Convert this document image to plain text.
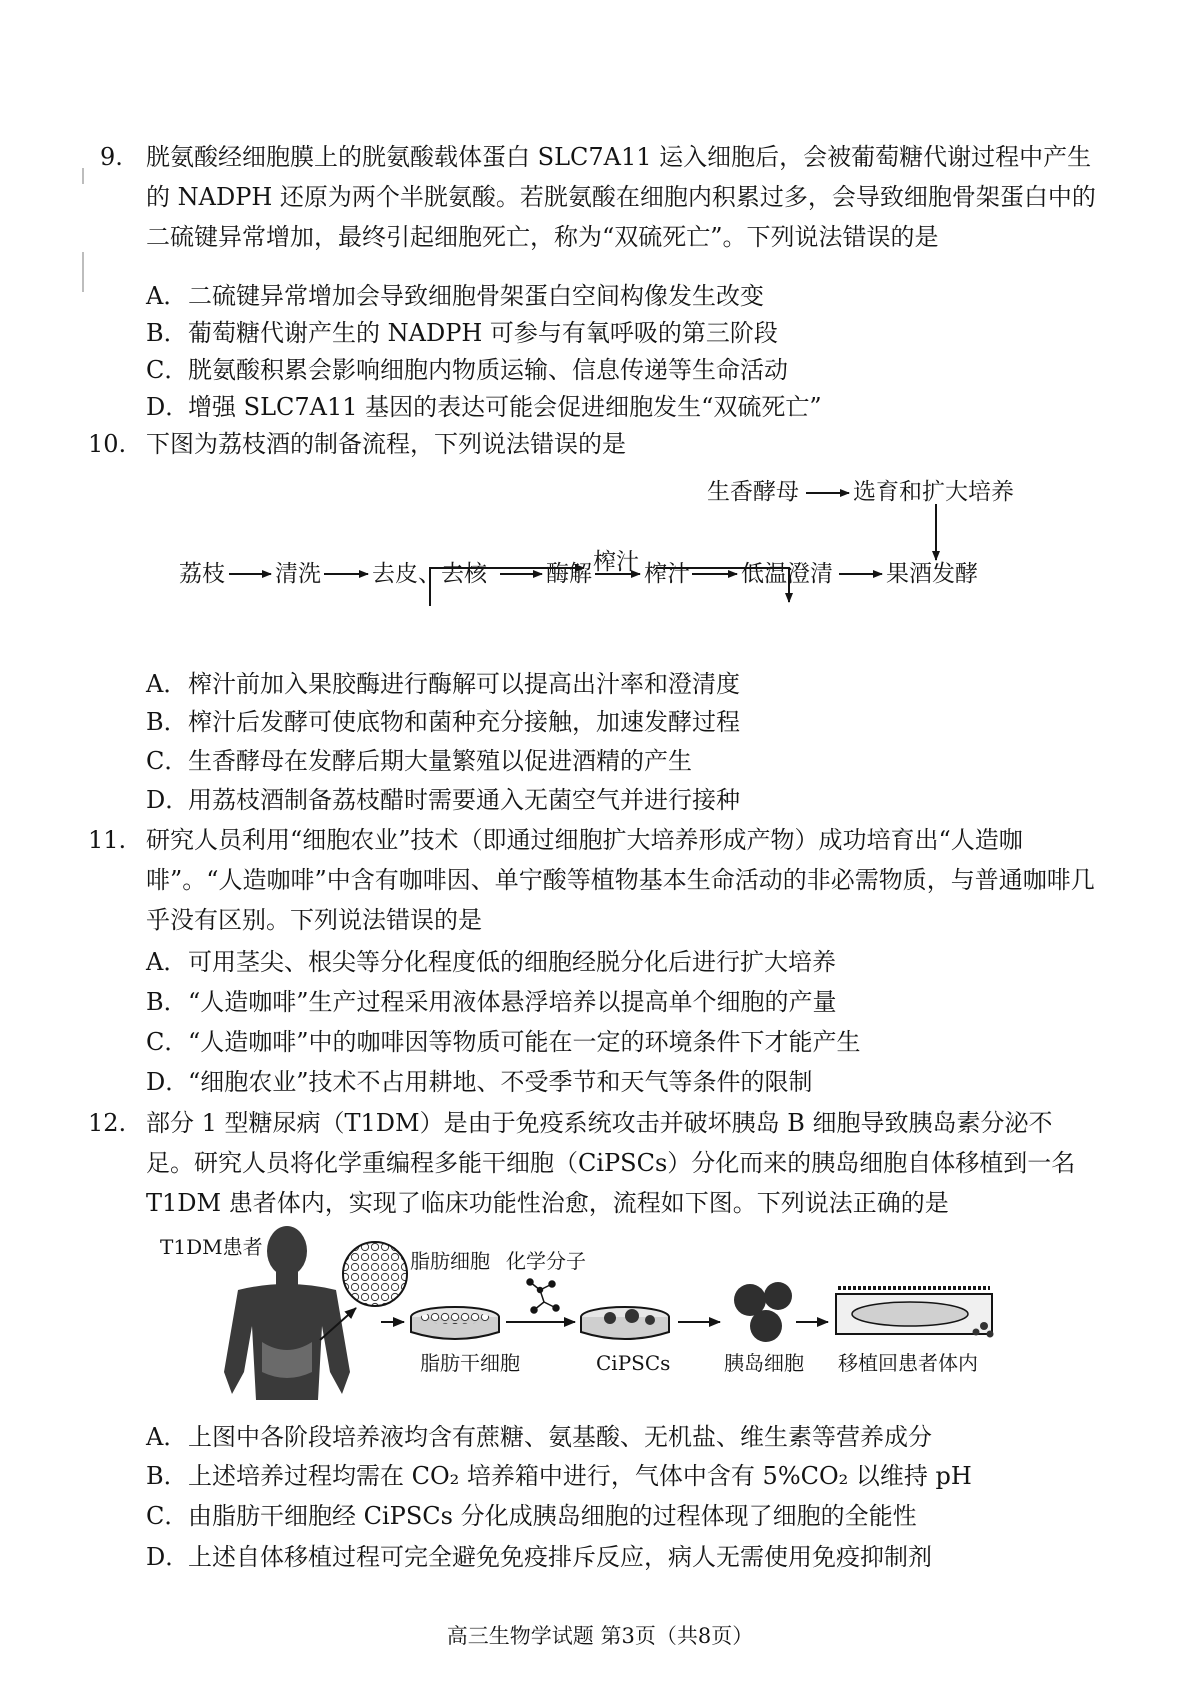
9. 胱氨酸经细胞膜上的胱氨酸载体蛋白 SLC7A11 运入细胞后，会被葡萄糖代谢过程中产生的 NADPH 还原为两个半胱氨酸。若胱氨酸在细胞内积累过多，会导致细胞骨架蛋白中的二硫键异常增加，最终引起细胞死亡，称为“双硫死亡”。下列说法错误的是
A．二硫键异常增加会导致细胞骨架蛋白空间构像发生改变
B．葡萄糖代谢产生的 NADPH 可参与有氧呼吸的第三阶段
C．胱氨酸积累会影响细胞内物质运输、信息传递等生命活动
D．增强 SLC7A11 基因的表达可能会促进细胞发生“双硫死亡”
10. 下图为荔枝酒的制备流程，下列说法错误的是
生香酵母 选育和扩大培养
榨汁
荔枝 清洗 去皮、去核	酶解 榨汁 低温澄清 果酒发酵
A．榨汁前加入果胶酶进行酶解可以提高出汁率和澄清度
B．榨汁后发酵可使底物和菌种充分接触，加速发酵过程
C．生香酵母在发酵后期大量繁殖以促进酒精的产生
D．用荔枝酒制备荔枝醋时需要通入无菌空气并进行接种
11. 研究人员利用“细胞农业”技术（即通过细胞扩大培养形成产物）成功培育出“人造咖啡”。“人造咖啡”中含有咖啡因、单宁酸等植物基本生命活动的非必需物质，与普通咖啡几乎没有区别。下列说法错误的是
A．可用茎尖、根尖等分化程度低的细胞经脱分化后进行扩大培养
B．“人造咖啡”生产过程采用液体悬浮培养以提高单个细胞的产量
C．“人造咖啡”中的咖啡因等物质可能在一定的环境条件下才能产生
D．“细胞农业”技术不占用耕地、不受季节和天气等条件的限制
12. 部分 1 型糖尿病（T1DM）是由于免疫系统攻击并破坏胰岛 B 细胞导致胰岛素分泌不足。研究人员将化学重编程多能干细胞（CiPSCs）分化而来的胰岛细胞自体移植到一名 T1DM 患者体内，实现了临床功能性治愈，流程如下图。下列说法正确的是
T1DM患者
脂肪细胞 化学分子
脂肪干细胞	CiPSCs	胰岛细胞 移植回患者体内
A．上图中各阶段培养液均含有蔗糖、氨基酸、无机盐、维生素等营养成分
B．上述培养过程均需在 CO₂ 培养箱中进行，气体中含有 5%CO₂ 以维持 pH
C．由脂肪干细胞经 CiPSCs 分化成胰岛细胞的过程体现了细胞的全能性
D．上述自体移植过程可完全避免免疫排斥反应，病人无需使用免疫抑制剂
高三生物学试题 第3页（共8页）
